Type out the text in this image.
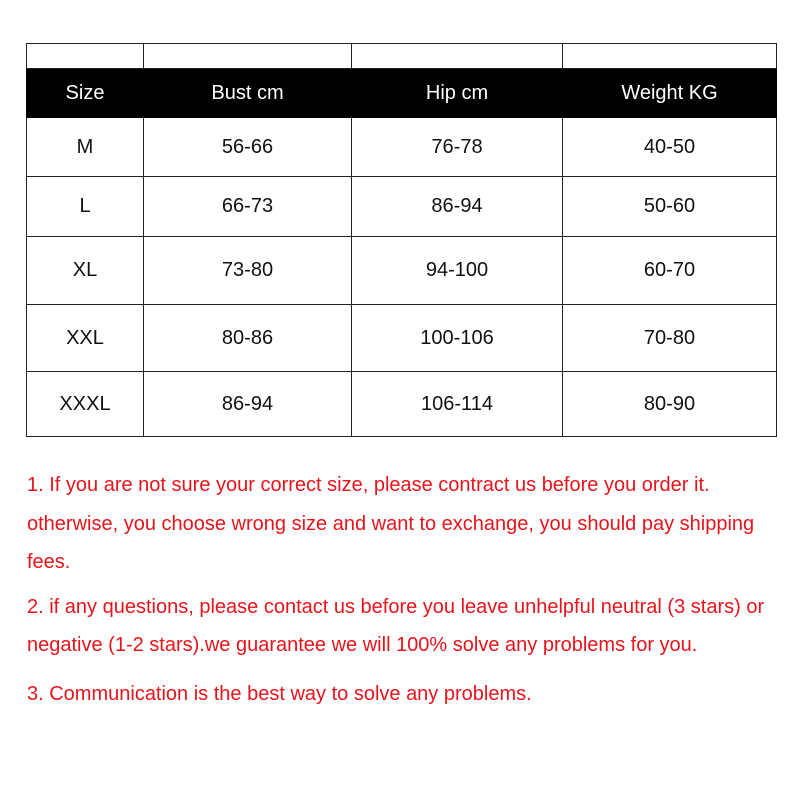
Size	Bust cm	Hip cm	Weight KG
M	56-66	76-78	40-50
L	66-73	86-94	50-60
XL	73-80	94-100	60-70
XXL	80-86	100-106	70-80
XXXL	86-94	106-114	80-90

1. If you are not sure your correct size, please contract us before you order it. otherwise, you choose wrong size and want to exchange, you should pay shipping fees.

2. if any questions, please contact us before you leave unhelpful neutral (3 stars) or negative (1-2 stars).we guarantee we will 100% solve any problems for you.

3. Communication is the best way to solve any problems.
